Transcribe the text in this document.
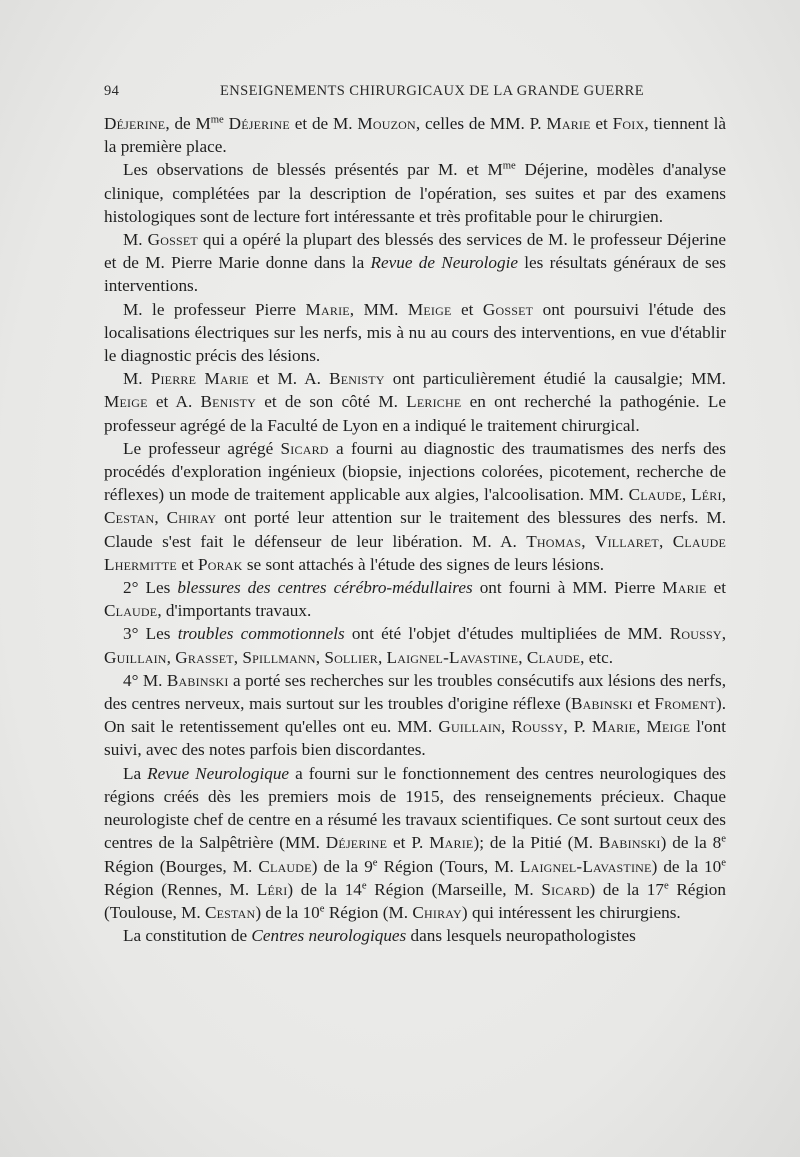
94	ENSEIGNEMENTS CHIRURGICAUX DE LA GRANDE GUERRE

Déjerine, de $M^{me}$ Déjerine et de M. Mouzon, celles de MM. P. Marie et Foix, tiennent là la première place.

Les observations de blessés présentés par M. et $M^{me}$ Déjerine, modèles d'analyse clinique, complétées par la description de l'opération, ses suites et par des examens histologiques sont de lecture fort intéressante et très profitable pour le chirurgien.

M. Gosset qui a opéré la plupart des blessés des services de M. le professeur Déjerine et de M. Pierre Marie donne dans la Revue de Neurologie les résultats généraux de ses interventions.

M. le professeur Pierre Marie, MM. Meige et Gosset ont poursuivi l'étude des localisations électriques sur les nerfs, mis à nu au cours des interventions, en vue d'établir le diagnostic précis des lésions.

M. Pierre Marie et M. A. Benisty ont particulièrement étudié la causalgie; MM. Meige et A. Benisty et de son côté M. Leriche en ont recherché la pathogénie. Le professeur agrégé de la Faculté de Lyon en a indiqué le traitement chirurgical.

Le professeur agrégé Sicard a fourni au diagnostic des traumatismes des nerfs des procédés d'exploration ingénieux (biopsie, injections colorées, picotement, recherche de réflexes) un mode de traitement applicable aux algies, l'alcoolisation. MM. Claude, Léri, Cestan, Chiray ont porté leur attention sur le traitement des blessures des nerfs. M. Claude s'est fait le défenseur de leur libération. M. A. Thomas, Villaret, Claude Lhermitte et Porak se sont attachés à l'étude des signes de leurs lésions.

2° Les blessures des centres cérébro-médullaires ont fourni à MM. Pierre Marie et Claude, d'importants travaux.

3° Les troubles commotionnels ont été l'objet d'études multipliées de MM. Roussy, Guillain, Grasset, Spillmann, Sollier, Laignel-Lavastine, Claude, etc.

4° M. Babinski a porté ses recherches sur les troubles consécutifs aux lésions des nerfs, des centres nerveux, mais surtout sur les troubles d'origine réflexe (Babinski et Froment). On sait le retentissement qu'elles ont eu. MM. Guillain, Roussy, P. Marie, Meige l'ont suivi, avec des notes parfois bien discordantes.

La Revue Neurologique a fourni sur le fonctionnement des centres neurologiques des régions créés dès les premiers mois de 1915, des renseignements précieux. Chaque neurologiste chef de centre en a résumé les travaux scientifiques. Ce sont surtout ceux des centres de la Salpêtrière (MM. Déjerine et P. Marie); de la Pitié (M. Babinski) de la 8e Région (Bourges, M. Claude) de la 9e Région (Tours, M. Laignel-Lavastine) de la 10e Région (Rennes, M. Léri) de la 14e Région (Marseille, M. Sicard) de la 17e Région (Toulouse, M. Cestan) de la 10e Région (M. Chiray) qui intéressent les chirurgiens.

La constitution de Centres neurologiques dans lesquels neuropathologistes
